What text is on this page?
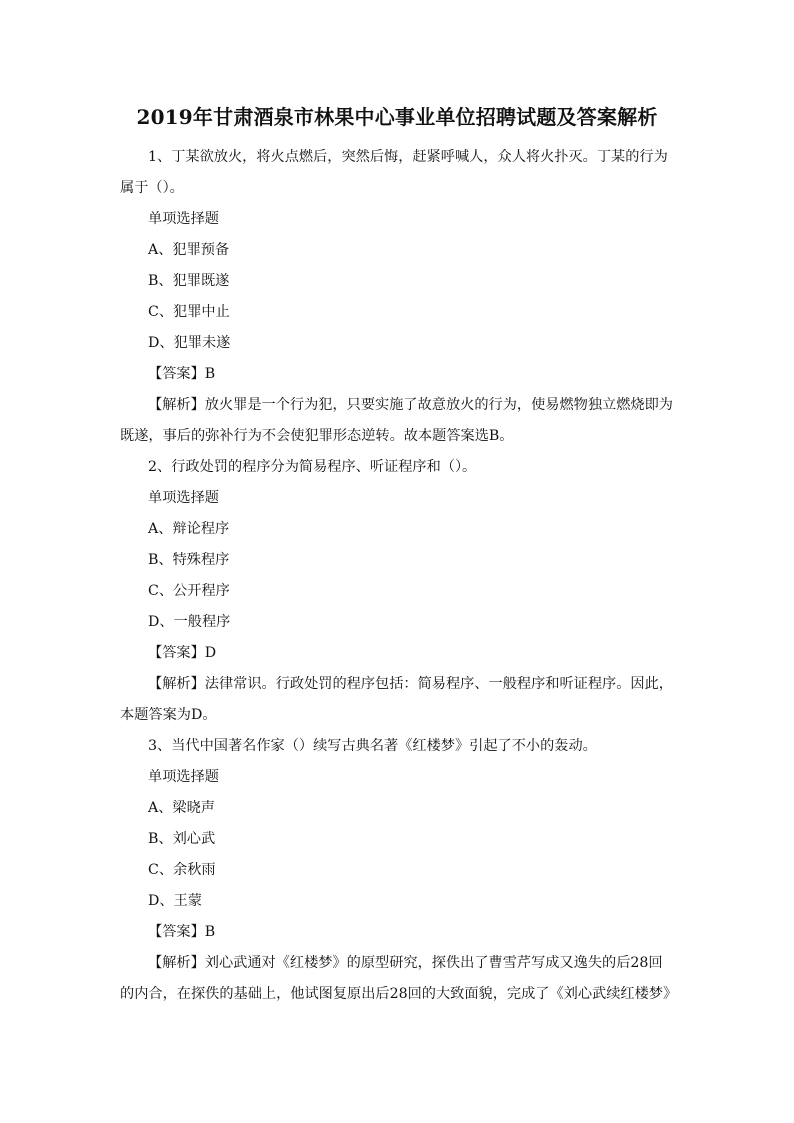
2019年甘肃酒泉市林果中心事业单位招聘试题及答案解析
1、丁某欲放火，将火点燃后，突然后悔，赶紧呼喊人，众人将火扑灭。丁某的行为
属于（）。
单项选择题
A、犯罪预备
B、犯罪既遂
C、犯罪中止
D、犯罪未遂
【答案】B
【解析】放火罪是一个行为犯，只要实施了故意放火的行为，使易燃物独立燃烧即为
既遂，事后的弥补行为不会使犯罪形态逆转。故本题答案选B。
2、行政处罚的程序分为简易程序、听证程序和（）。
单项选择题
A、辩论程序
B、特殊程序
C、公开程序
D、一般程序
【答案】D
【解析】法律常识。行政处罚的程序包括：简易程序、一般程序和听证程序。因此，
本题答案为D。
3、当代中国著名作家（）续写古典名著《红楼梦》引起了不小的轰动。
单项选择题
A、梁晓声
B、刘心武
C、余秋雨
D、王蒙
【答案】B
【解析】刘心武通对《红楼梦》的原型研究，探佚出了曹雪芹写成又逸失的后28回
的内合，在探佚的基础上，他试图复原出后28回的大致面貌，完成了《刘心武续红楼梦》
